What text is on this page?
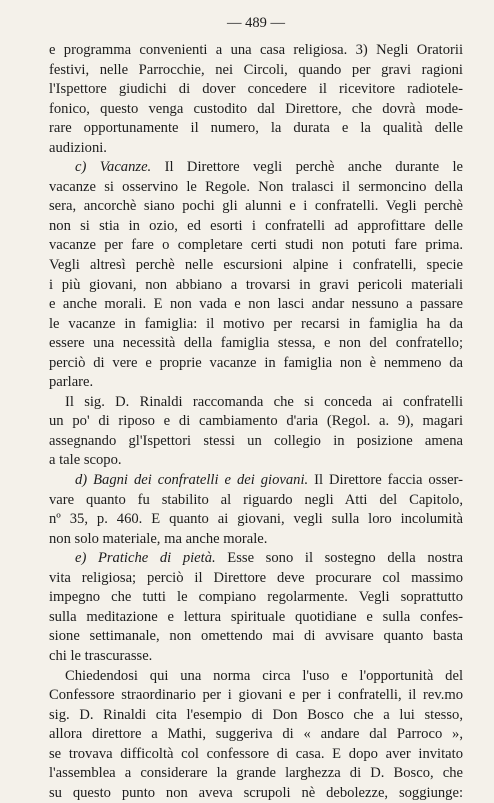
— 489 —
e programma convenienti a una casa religiosa. 3) Negli Oratorii
festivi, nelle Parrocchie, nei Circoli, quando per gravi ragioni
l'Ispettore giudichi di dover concedere il ricevitore radiotele-
fonico, questo venga custodito dal Direttore, che dovrà mode-
rare opportunamente il numero, la durata e la qualità delle
audizioni.
c) Vacanze. Il Direttore vegli perchè anche durante le
vacanze si osservino le Regole. Non tralasci il sermoncino della
sera, ancorchè siano pochi gli alunni e i confratelli. Vegli perchè
non si stia in ozio, ed esorti i confratelli ad approfittare delle
vacanze per fare o completare certi studi non potuti fare prima.
Vegli altresì perchè nelle escursioni alpine i confratelli, specie
i più giovani, non abbiano a trovarsi in gravi pericoli materiali
e anche morali. E non vada e non lasci andar nessuno a passare
le vacanze in famiglia: il motivo per recarsi in famiglia ha da
essere una necessità della famiglia stessa, e non del confratello;
perciò di vere e proprie vacanze in famiglia non è nemmeno da
parlare.
Il sig. D. Rinaldi raccomanda che si conceda ai confratelli
un po' di riposo e di cambiamento d'aria (Regol. a. 9), magari
assegnando gl'Ispettori stessi un collegio in posizione amena
a tale scopo.
d) Bagni dei confratelli e dei giovani. Il Direttore faccia osser-
vare quanto fu stabilito al riguardo negli Atti del Capitolo,
nº 35, p. 460. E quanto ai giovani, vegli sulla loro incolumità
non solo materiale, ma anche morale.
e) Pratiche di pietà. Esse sono il sostegno della nostra
vita religiosa; perciò il Direttore deve procurare col massimo
impegno che tutti le compiano regolarmente. Vegli soprattutto
sulla meditazione e lettura spirituale quotidiane e sulla confes-
sione settimanale, non omettendo mai di avvisare quanto basta
chi le trascurasse.
Chiedendosi qui una norma circa l'uso e l'opportunità del
Confessore straordinario per i giovani e per i confratelli, il rev.mo
sig. D. Rinaldi cita l'esempio di Don Bosco che a lui stesso,
allora direttore a Mathi, suggeriva di « andare dal Parroco »,
se trovava difficoltà col confessore di casa. E dopo aver invitato
l'assemblea a considerare la grande larghezza di D. Bosco, che
su questo punto non aveva scrupoli nè debolezze, soggiunge:
